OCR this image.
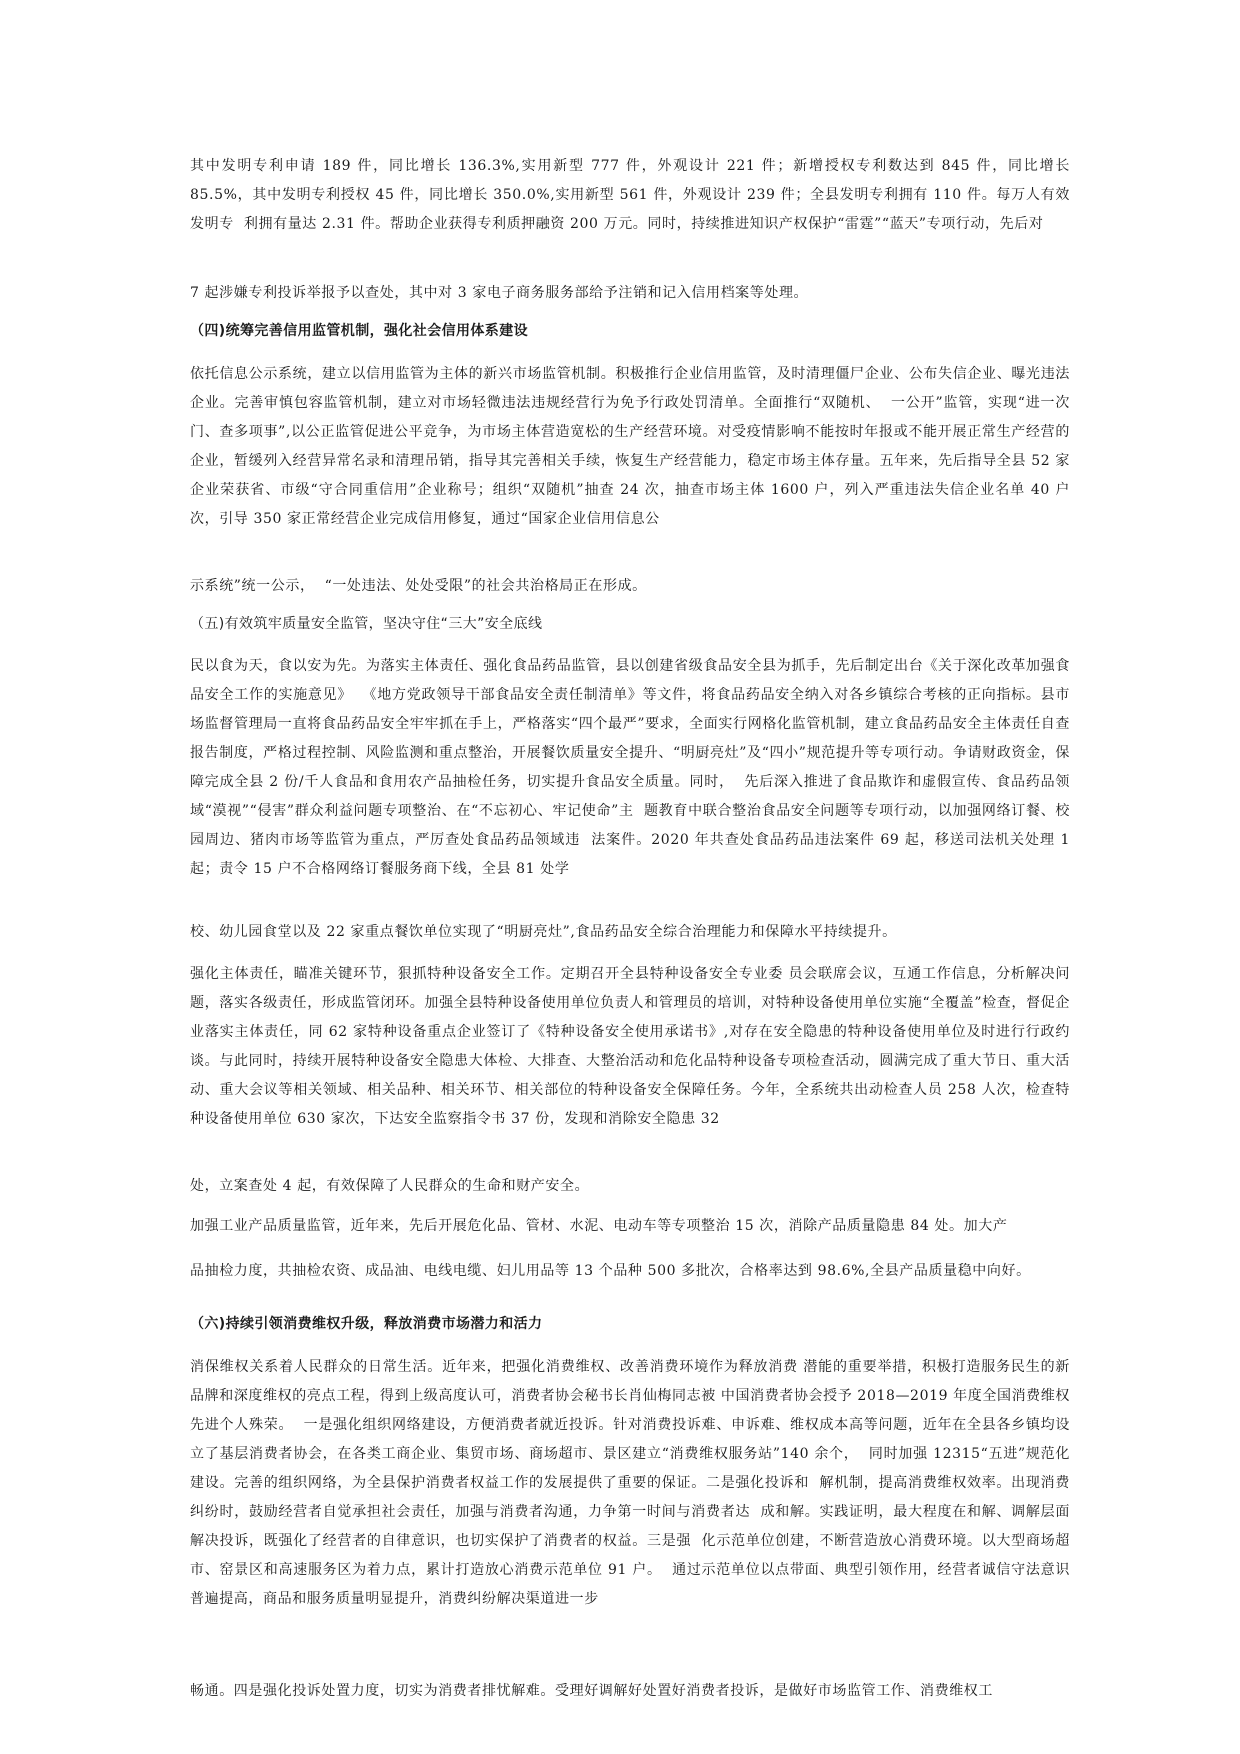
其中发明专利申请 189 件，同比增长 136.3%,实用新型 777 件，外观设计 221 件；新增授权专利数达到 845 件，同比增长 85.5%，其中发明专利授权 45 件，同比增长 350.0%,实用新型 561 件，外观设计 239 件；全县发明专利拥有 110 件。每万人有效发明专  利拥有量达 2.31 件。帮助企业获得专利质押融资 200 万元。同时，持续推进知识产权保护“雷霆”“蓝天”专项行动，先后对

7 起涉嫌专利投诉举报予以查处，其中对 3 家电子商务服务部给予注销和记入信用档案等处理。

（四)统筹完善信用监管机制，强化社会信用体系建设

依托信息公示系统，建立以信用监管为主体的新兴市场监管机制。积极推行企业信用监管，及时清理僵尸企业、公布失信企业、曝光违法企业。完善审慎包容监管机制，建立对市场轻微违法违规经营行为免予行政处罚清单。全面推行“双随机、  一公开”监管，实现“进一次门、查多项事”,以公正监管促进公平竞争，为市场主体营造宽松的生产经营环境。对受疫情影响不能按时年报或不能开展正常生产经营的企业，暂缓列入经营异常名录和清理吊销，指导其完善相关手续，恢复生产经营能力，稳定市场主体存量。五年来，先后指导全县 52 家企业荣获省、市级“守合同重信用”企业称号；组织“双随机”抽查 24 次，抽查市场主体 1600 户，列入严重违法失信企业名单 40 户次，引导 350 家正常经营企业完成信用修复，通过“国家企业信用信息公

示系统”统一公示，  “一处违法、处处受限”的社会共治格局正在形成。

（五)有效筑牢质量安全监管，坚决守住“三大”安全底线

民以食为天，食以安为先。为落实主体责任、强化食品药品监管，县以创建省级食品安全县为抓手，先后制定出台《关于深化改革加强食品安全工作的实施意见》  《地方党政领导干部食品安全责任制清单》等文件，将食品药品安全纳入对各乡镇综合考核的正向指标。县市场监督管理局一直将食品药品安全牢牢抓在手上，严格落实“四个最严”要求，全面实行网格化监管机制，建立食品药品安全主体责任自查报告制度，严格过程控制、风险监测和重点整治，开展餐饮质量安全提升、“明厨亮灶”及“四小”规范提升等专项行动。争请财政资金，保障完成全县 2 份/千人食品和食用农产品抽检任务，切实提升食品安全质量。同时，  先后深入推进了食品欺诈和虚假宣传、食品药品领域“漠视”“侵害”群众利益问题专项整治、在“不忘初心、牢记使命”主  题教育中联合整治食品安全问题等专项行动，以加强网络订餐、校园周边、猪肉市场等监管为重点，严厉查处食品药品领域违  法案件。2020 年共查处食品药品违法案件 69 起，移送司法机关处理 1 起；责令 15 户不合格网络订餐服务商下线，全县 81 处学

校、幼儿园食堂以及 22 家重点餐饮单位实现了“明厨亮灶”,食品药品安全综合治理能力和保障水平持续提升。

强化主体责任，瞄准关键环节，狠抓特种设备安全工作。定期召开全县特种设备安全专业委 员会联席会议，互通工作信息，分析解决问题，落实各级责任，形成监管闭环。加强全县特种设备使用单位负责人和管理员的培训，对特种设备使用单位实施“全覆盖”检查，督促企业落实主体责任，同 62 家特种设备重点企业签订了《特种设备安全使用承诺书》,对存在安全隐患的特种设备使用单位及时进行行政约谈。与此同时，持续开展特种设备安全隐患大体检、大排查、大整治活动和危化品特种设备专项检查活动，圆满完成了重大节日、重大活动、重大会议等相关领域、相关品种、相关环节、相关部位的特种设备安全保障任务。今年，全系统共出动检查人员 258 人次，检查特种设备使用单位 630 家次，下达安全监察指令书 37 份，发现和消除安全隐患 32

处，立案查处 4 起，有效保障了人民群众的生命和财产安全。

加强工业产品质量监管，近年来，先后开展危化品、管材、水泥、电动车等专项整治 15 次，消除产品质量隐患 84 处。加大产

品抽检力度，共抽检农资、成品油、电线电缆、妇儿用品等 13 个品种 500 多批次，合格率达到 98.6%,全县产品质量稳中向好。

（六)持续引领消费维权升级，释放消费市场潜力和活力

消保维权关系着人民群众的日常生活。近年来，把强化消费维权、改善消费环境作为释放消费 潜能的重要举措，积极打造服务民生的新品牌和深度维权的亮点工程，得到上级高度认可，消费者协会秘书长肖仙梅同志被 中国消费者协会授予 2018—2019 年度全国消费维权先进个人殊荣。  一是强化组织网络建设，方便消费者就近投诉。针对消费投诉难、申诉难、维权成本高等问题，近年在全县各乡镇均设立了基层消费者协会，在各类工商企业、集贸市场、商场超市、景区建立“消费维权服务站”140 余个，  同时加强 12315“五进”规范化建设。完善的组织网络，为全县保护消费者权益工作的发展提供了重要的保证。二是强化投诉和  解机制，提高消费维权效率。出现消费纠纷时，鼓励经营者自觉承担社会责任，加强与消费者沟通，力争第一时间与消费者达  成和解。实践证明，最大程度在和解、调解层面解决投诉，既强化了经营者的自律意识，也切实保护了消费者的权益。三是强  化示范单位创建，不断营造放心消费环境。以大型商场超市、窑景区和高速服务区为着力点，累计打造放心消费示范单位 91 户。  通过示范单位以点带面、典型引领作用，经营者诚信守法意识普遍提高，商品和服务质量明显提升，消费纠纷解决渠道进一步

畅通。四是强化投诉处置力度，切实为消费者排忧解难。受理好调解好处置好消费者投诉，是做好市场监管工作、消费维权工
